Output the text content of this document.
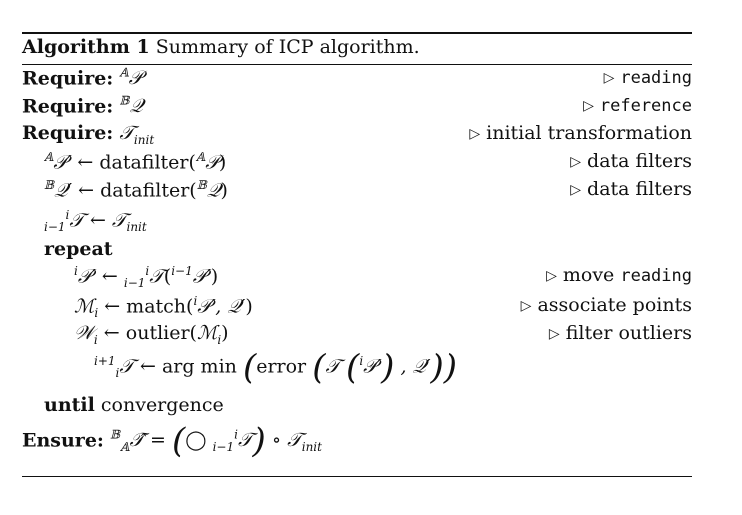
Algorithm 1 Summary of ICP algorithm.
Require: $^𝔸$𝒫	▷ reading
Require: $^𝔹$𝒬	▷ reference
Require: 𝒯$_{init}$	▷ initial transformation
$^𝔸$𝒫′ ← datafilter($^𝔸$𝒫)	▷ data filters
$^𝔹$𝒬′ ← datafilter($^𝔹$𝒬)	▷ data filters
$_{i-1}^i$𝒯 ← 𝒯$_{init}$
repeat
$^i$𝒫′ ← $_{i-1}^i$𝒯($^{i-1}$𝒫′)	▷ move reading
ℳ$_i$ ← match($^i$𝒫′, 𝒬′)	▷ associate points
𝒲$_i$ ← outlier(ℳ$_i$)	▷ filter outliers
$^{i+1}_i$𝒯 ← arg min (error (𝒯 ($^i$𝒫′) , 𝒬′))
until convergence
Ensure: $^𝔹_𝔸$𝒯̂ = (◯ $_{i-1}^i$𝒯) ∘ 𝒯$_{init}$
